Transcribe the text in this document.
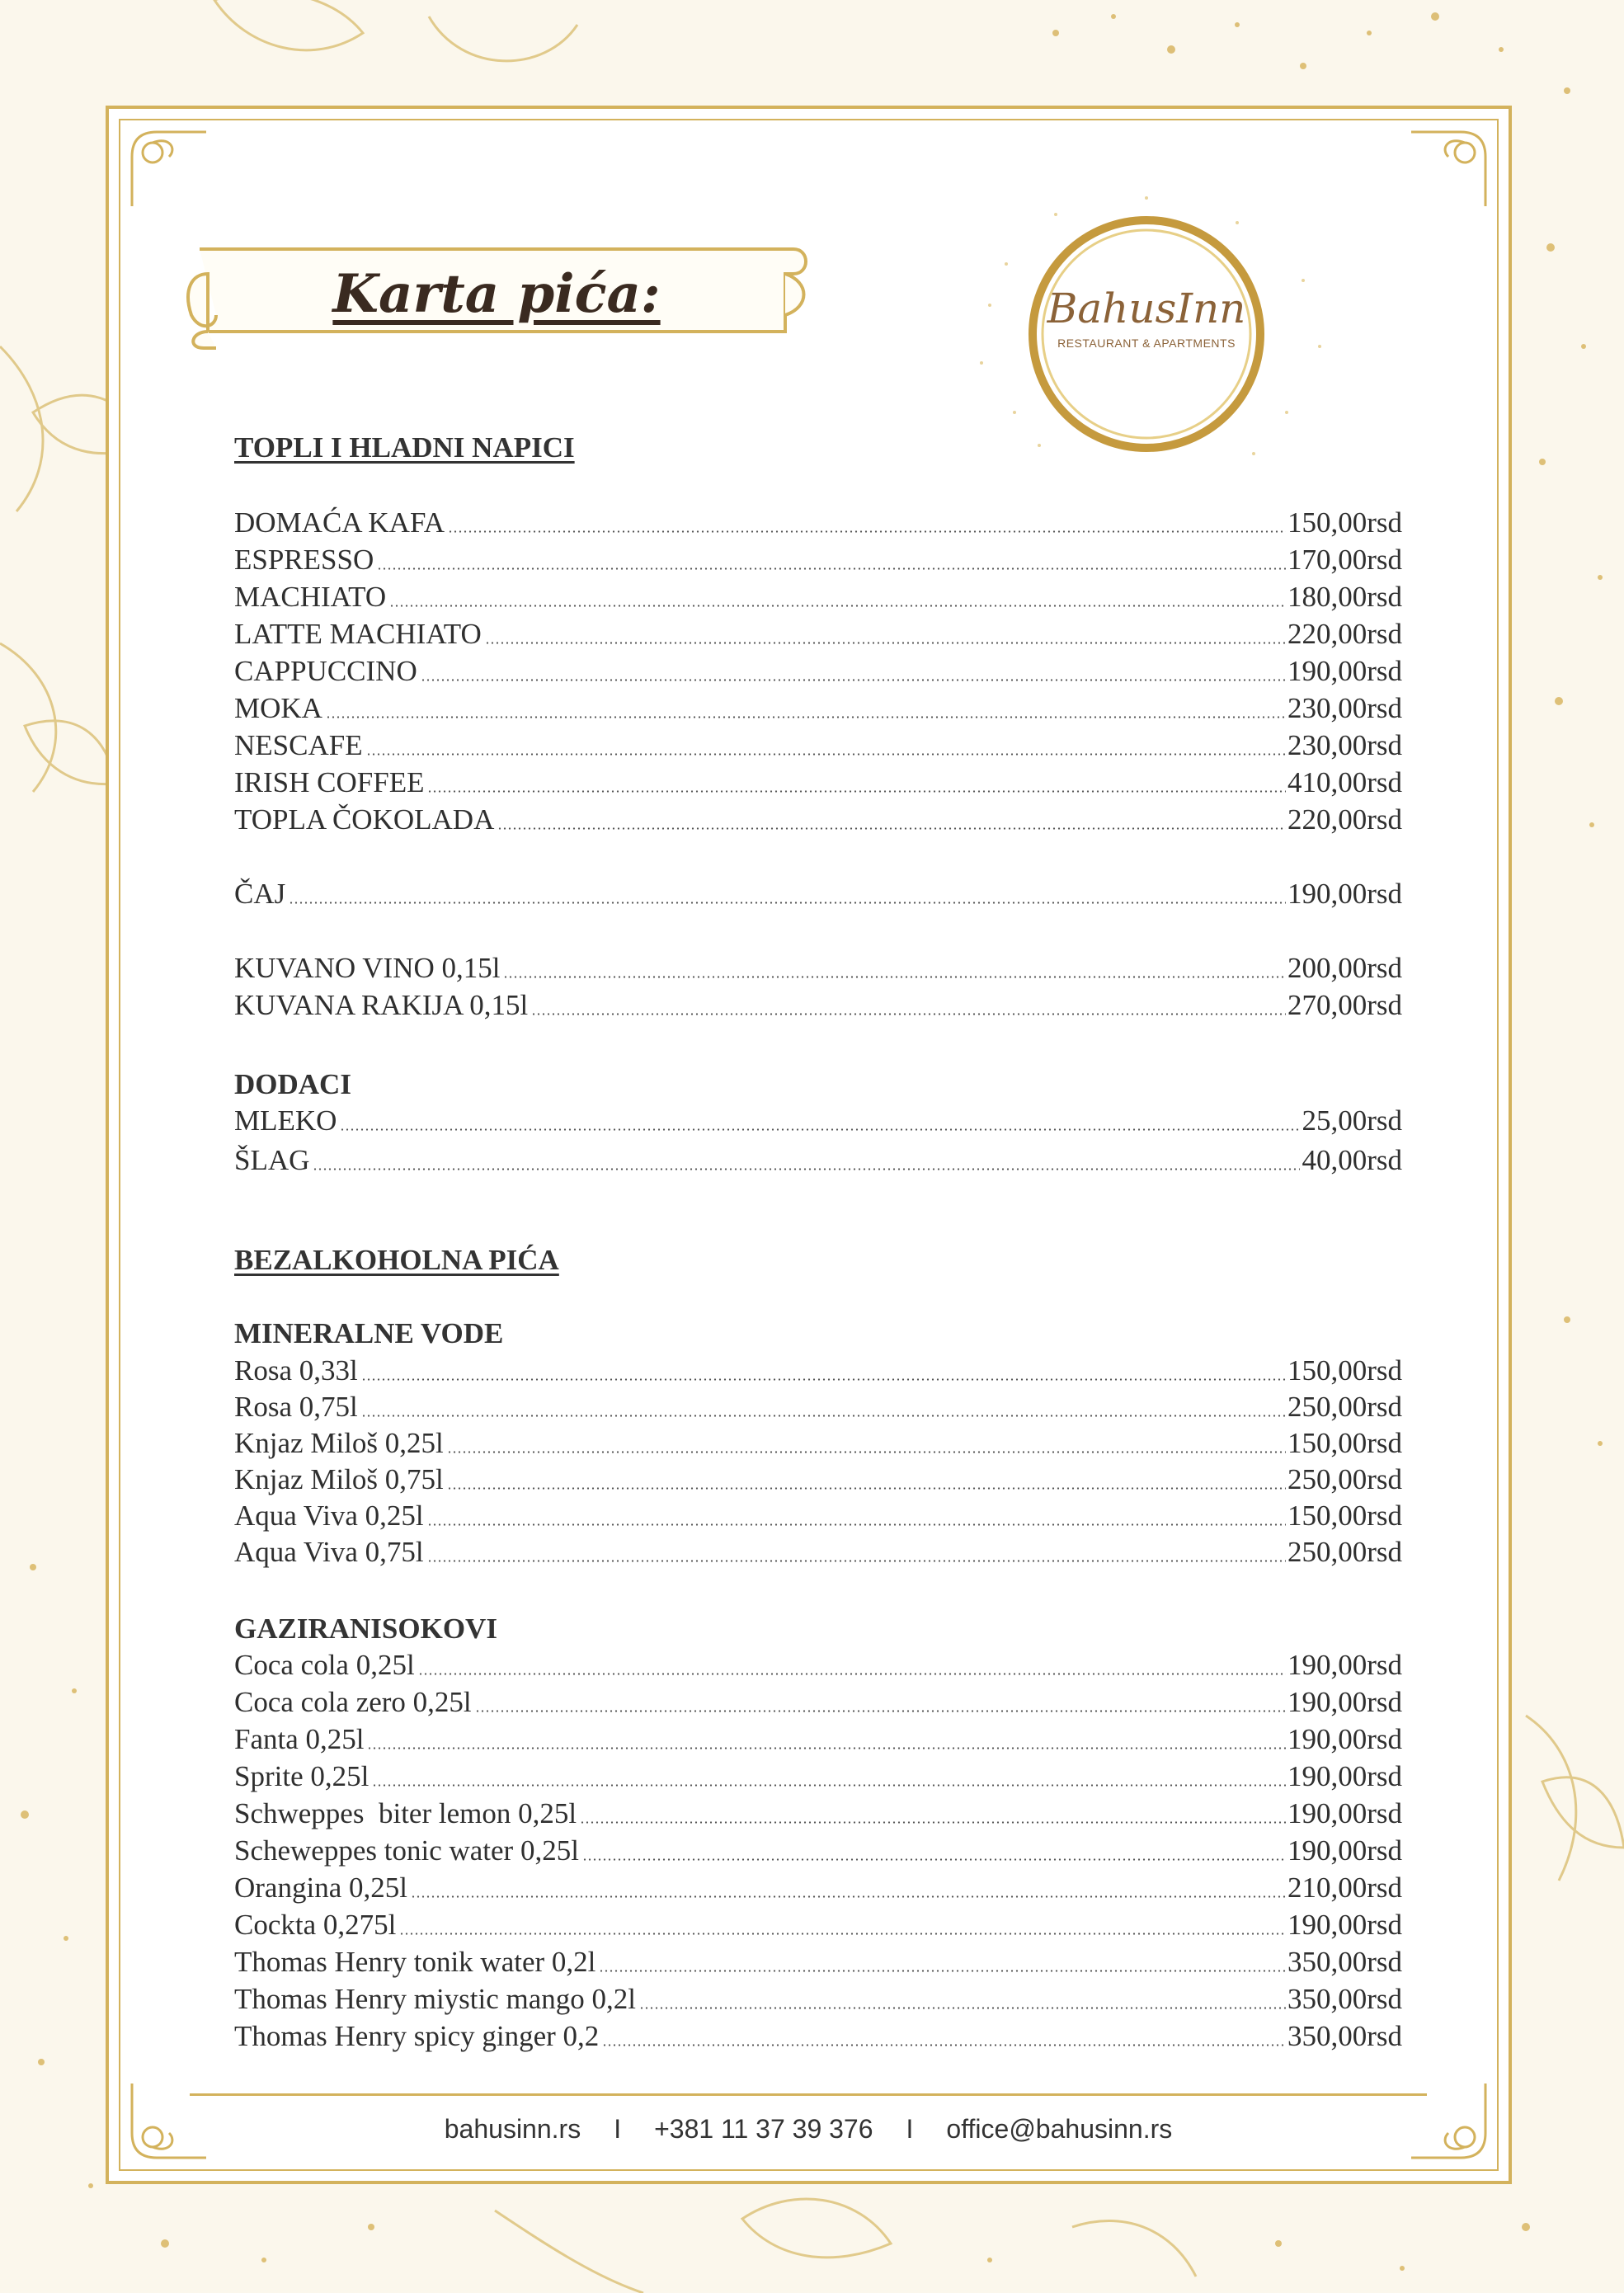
Karta pića:	BahusInn
RESTAURANT & APARTMENTS
TOPLI I HLADNI NAPICI
DOMAĆA KAFA	150,00rsd
ESPRESSO	170,00rsd
MACHIATO	180,00rsd
LATTE MACHIATO	220,00rsd
CAPPUCCINO	190,00rsd
MOKA	230,00rsd
NESCAFE	230,00rsd
IRISH COFFEE	410,00rsd
TOPLA ČOKOLADA	220,00rsd
ČAJ	190,00rsd
KUVANO VINO 0,15l	200,00rsd
KUVANA RAKIJA 0,15l	270,00rsd
DODACI
MLEKO	25,00rsd
ŠLAG	40,00rsd
BEZALKOHOLNA PIĆA
MINERALNE VODE
Rosa 0,33l	150,00rsd
Rosa 0,75l	250,00rsd
Knjaz Miloš 0,25l	150,00rsd
Knjaz Miloš 0,75l	250,00rsd
Aqua Viva 0,25l	150,00rsd
Aqua Viva 0,75l	250,00rsd
GAZIRANISOKOVI
Coca cola 0,25l	190,00rsd
Coca cola zero 0,25l	190,00rsd
Fanta 0,25l	190,00rsd
Sprite 0,25l	190,00rsd
Schweppes  biter lemon 0,25l	190,00rsd
Scheweppes tonic water 0,25l	190,00rsd
Orangina 0,25l	210,00rsd
Cockta 0,275l	190,00rsd
Thomas Henry tonik water 0,2l	350,00rsd
Thomas Henry miystic mango 0,2l	350,00rsd
Thomas Henry spicy ginger 0,2	350,00rsd
bahusinn.rs I +381 11 37 39 376 I office@bahusinn.rs
